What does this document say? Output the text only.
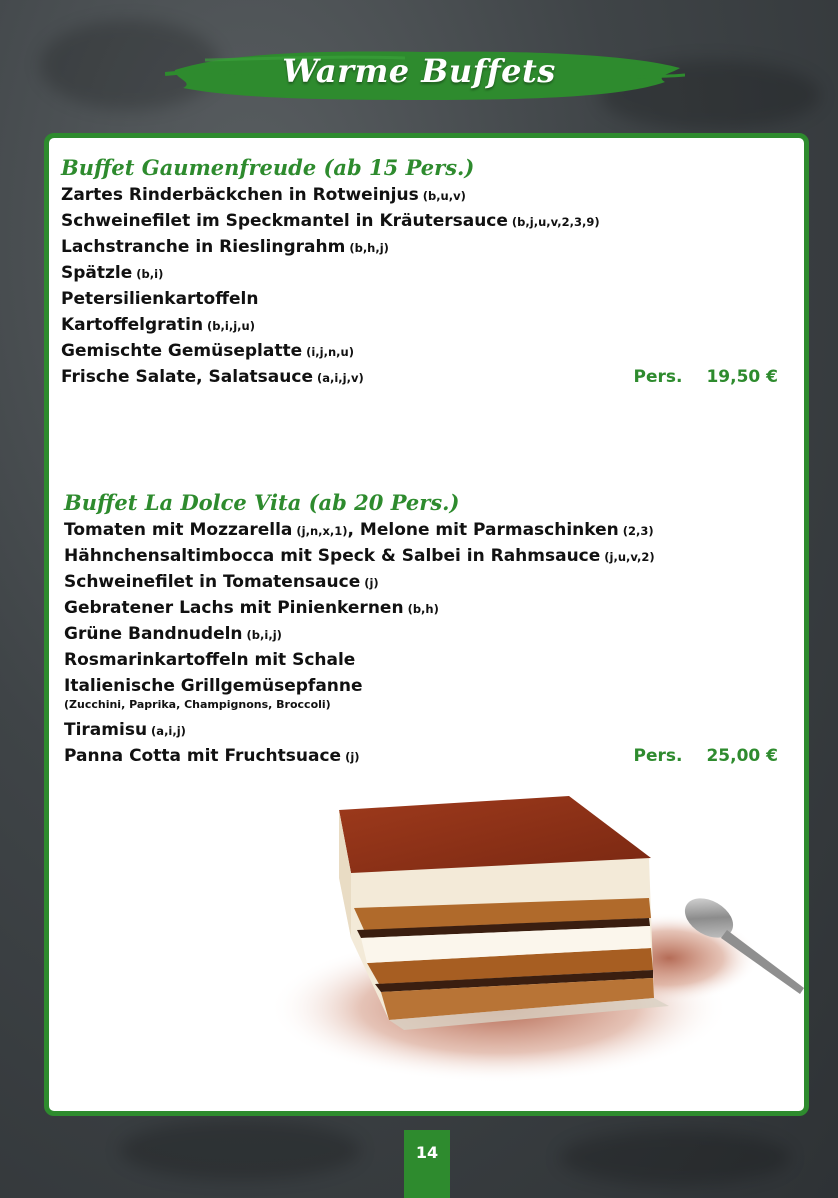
Warme Buffets
Buffet Gaumenfreude (ab 15 Pers.)
Zartes Rinderbäckchen in Rotweinjus (b,u,v)
Schweinefilet im Speckmantel in Kräutersauce (b,j,u,v,2,3,9)
Lachstranche in Rieslingrahm (b,h,j)
Spätzle (b,i)
Petersilienkartoffeln
Kartoffelgratin (b,i,j,u)
Gemischte Gemüseplatte (i,j,n,u)
Frische Salate, Salatsauce (a,i,j,v)	Pers. 19,50 €
Buffet La Dolce Vita (ab 20 Pers.)
Tomaten mit Mozzarella (j,n,x,1), Melone mit Parmaschinken (2,3)
Hähnchensaltimbocca mit Speck & Salbei in Rahmsauce (j,u,v,2)
Schweinefilet in Tomatensauce (j)
Gebratener Lachs mit Pinienkernen (b,h)
Grüne Bandnudeln (b,i,j)
Rosmarinkartoffeln mit Schale
Italienische Grillgemüsepfanne
(Zucchini, Paprika, Champignons, Broccoli)
Tiramisu (a,i,j)
Panna Cotta mit Fruchtsuace (j)	Pers. 25,00 €
14
